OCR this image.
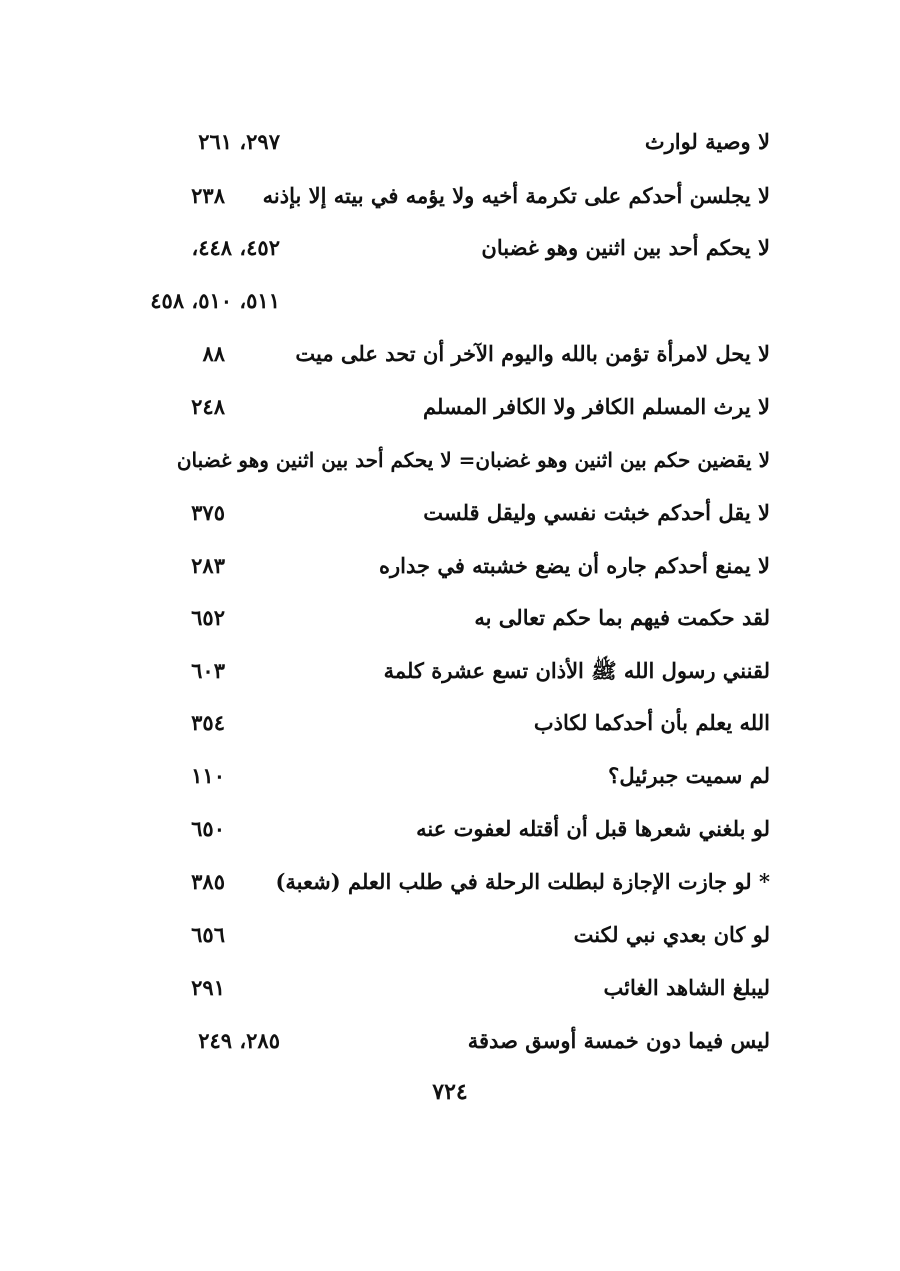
لا وصية لوارث
٢٩٧، ٢٦١
لا يجلسن أحدكم على تكرمة أخيه ولا يؤمه في بيته إلا بإذنه
٢٣٨
لا يحكم أحد بين اثنين وهو غضبان
٤٥٢، ٤٤٨،
٥١١، ٥١٠، ٤٥٨
لا يحل لامرأة تؤمن بالله واليوم الآخر أن تحد على ميت
٨٨
لا يرث المسلم الكافر ولا الكافر المسلم
٢٤٨
لا يقضين حكم بين اثنين وهو غضبان= لا يحكم أحد بين اثنين وهو غضبان
لا يقل أحدكم خبثت نفسي وليقل قلست
٣٧٥
لا يمنع أحدكم جاره أن يضع خشبته في جداره
٢٨٣
لقد حكمت فيهم بما حكم تعالى به
٦٥٢
لقنني رسول الله ﷺ الأذان تسع عشرة كلمة
٦٠٣
الله يعلم بأن أحدكما لكاذب
٣٥٤
لم سميت جبرئيل؟
١١٠
لو بلغني شعرها قبل أن أقتله لعفوت عنه
٦٥٠
* لو جازت الإجازة لبطلت الرحلة في طلب العلم (شعبة)
٣٨٥
لو كان بعدي نبي لكنت
٦٥٦
ليبلغ الشاهد الغائب
٢٩١
ليس فيما دون خمسة أوسق صدقة
٢٨٥، ٢٤٩
٧٢٤
